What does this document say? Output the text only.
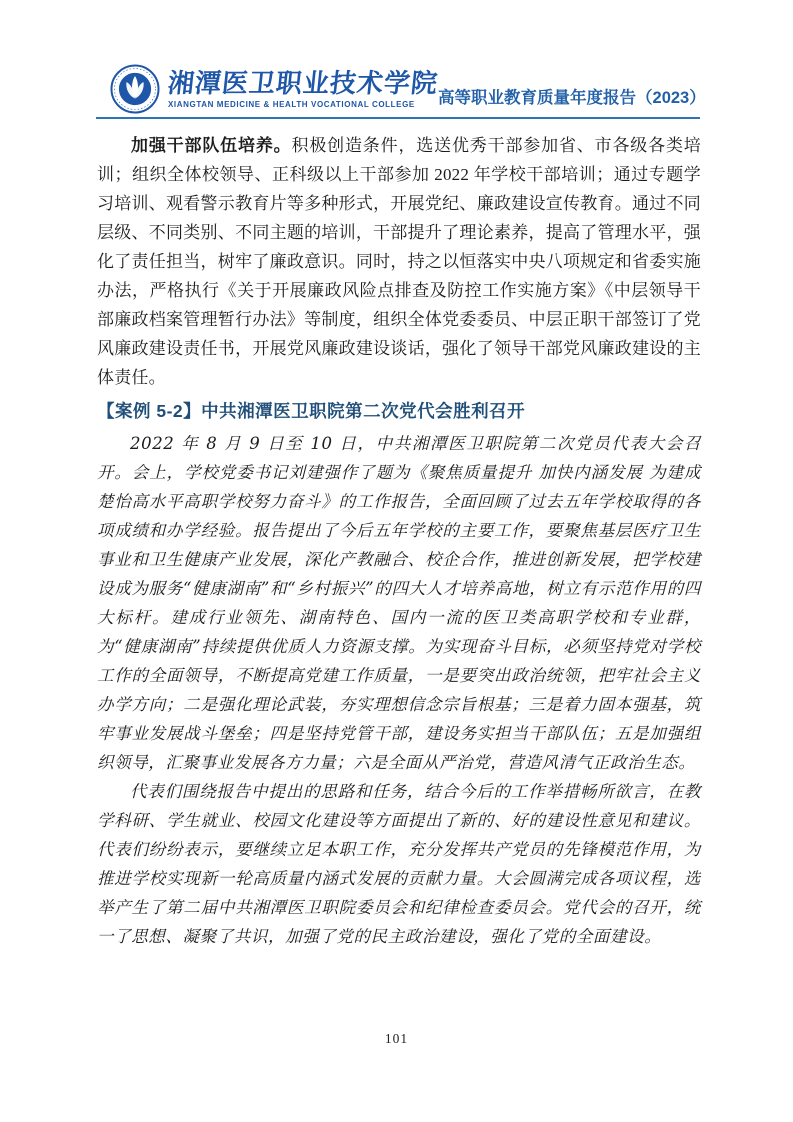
湘潭医卫职业技术学院
XIANGTAN MEDICINE & HEALTH VOCATIONAL COLLEGE	高等职业教育质量年度报告（2023）

加强干部队伍培养。积极创造条件，选送优秀干部参加省、市各级各类培训；组织全体校领导、正科级以上干部参加 2022 年学校干部培训；通过专题学习培训、观看警示教育片等多种形式，开展党纪、廉政建设宣传教育。通过不同层级、不同类别、不同主题的培训，干部提升了理论素养，提高了管理水平，强化了责任担当，树牢了廉政意识。同时，持之以恒落实中央八项规定和省委实施办法，严格执行《关于开展廉政风险点排查及防控工作实施方案》《中层领导干部廉政档案管理暂行办法》等制度，组织全体党委委员、中层正职干部签订了党风廉政建设责任书，开展党风廉政建设谈话，强化了领导干部党风廉政建设的主体责任。

【案例 5-2】中共湘潭医卫职院第二次党代会胜利召开

2022 年 8 月 9 日至 10 日，中共湘潭医卫职院第二次党员代表大会召开。会上，学校党委书记刘建强作了题为《聚焦质量提升 加快内涵发展 为建成楚怡高水平高职学校努力奋斗》的工作报告，全面回顾了过去五年学校取得的各项成绩和办学经验。报告提出了今后五年学校的主要工作，要聚焦基层医疗卫生事业和卫生健康产业发展，深化产教融合、校企合作，推进创新发展，把学校建设成为服务“健康湖南”和“乡村振兴”的四大人才培养高地，树立有示范作用的四大标杆。建成行业领先、湖南特色、国内一流的医卫类高职学校和专业群，为“健康湖南”持续提供优质人力资源支撑。为实现奋斗目标，必须坚持党对学校工作的全面领导，不断提高党建工作质量，一是要突出政治统领，把牢社会主义办学方向；二是强化理论武装，夯实理想信念宗旨根基；三是着力固本强基，筑牢事业发展战斗堡垒；四是坚持党管干部，建设务实担当干部队伍；五是加强组织领导，汇聚事业发展各方力量；六是全面从严治党，营造风清气正政治生态。

代表们围绕报告中提出的思路和任务，结合今后的工作举措畅所欲言，在教学科研、学生就业、校园文化建设等方面提出了新的、好的建设性意见和建议。代表们纷纷表示，要继续立足本职工作，充分发挥共产党员的先锋模范作用，为推进学校实现新一轮高质量内涵式发展的贡献力量。大会圆满完成各项议程，选举产生了第二届中共湘潭医卫职院委员会和纪律检查委员会。党代会的召开，统一了思想、凝聚了共识，加强了党的民主政治建设，强化了党的全面建设。

101
